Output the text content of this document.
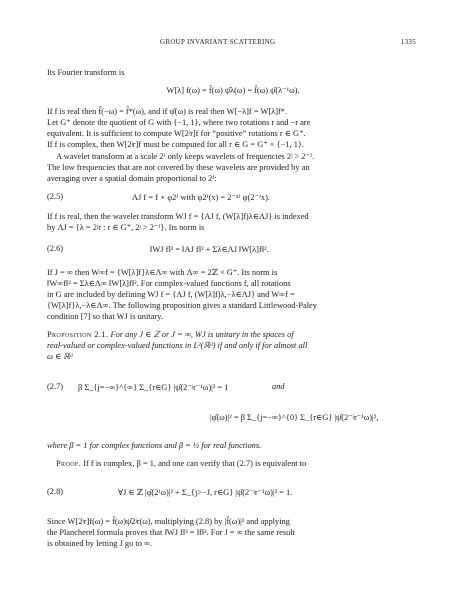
GROUP INVARIANT SCATTERING	1335
Its Fourier transform is
W[λ] f(ω) = f̂(ω) ψ̂λ(ω) = f̂(ω) ψ̂(λ⁻¹ω).
If f is real then f̂(−ω) = f̂*(ω), and if ψ̂(ω) is real then W[−λ]f = W[λ]f*.
Let G⁺ denote the quotient of G with {−1, 1}, where two rotations r and −r are
equivalent. It is sufficient to compute W[2ʲr]f for “positive” rotations r ∈ G⁺.
If f is complex, then W[2ʲr]f must be computed for all r ∈ G = G⁺ × {−1, 1}.
A wavelet transform at a scale 2ᴶ only keeps wavelets of frequencies 2ʲ > 2⁻ᴶ.
The low frequencies that are not covered by these wavelets are provided by an
averaging over a spatial domain proportional to 2ᴶ:
(2.5)	AJ f = f ⋆ φ2ᴶ with φ2ᴶ(x) = 2⁻ᵈᴶ φ(2⁻ᴶx).
If f is real, then the wavelet transform WJ f = {AJ f, (W[λ]f)λ∈ΛJ} is indexed
by ΛJ = {λ = 2ʲr : r ∈ G⁺, 2ʲ > 2⁻ᴶ}. Its norm is
(2.6)	‖WJ f‖² = ‖AJ f‖² + Σλ∈ΛJ ‖W[λ]f‖².
If J = ∞ then W∞f = {W[λ]f}λ∈Λ∞ with Λ∞ = 2ℤ × G⁺. Its norm is
‖W∞f‖² = Σλ∈Λ∞ ‖W[λ]f‖². For complex-valued functions f, all rotations
in G are included by defining WJ f = {AJ f, (W[λ]f)λ,−λ∈ΛJ} and W∞f =
{W[λ]f}λ,−λ∈Λ∞. The following proposition gives a standard Littlewood-Paley
condition [7] so that WJ is unitary.
Proposition 2.1. For any J ∈ ℤ or J = ∞, WJ is unitary in the spaces of
real-valued or complex-valued functions in L²(ℝᵈ) if and only if for almost all
ω ∈ ℝᵈ
(2.7) β Σ_{j=−∞}^{∞} Σ_{r∈G} |ψ̂(2⁻ʲr⁻¹ω)|² = 1	and
|φ̂(ω)|² = β Σ_{j=−∞}^{0} Σ_{r∈G} |ψ̂(2⁻ʲr⁻¹ω)|²,
where β = 1 for complex functions and β = ½ for real functions.
Proof. If f is complex, β = 1, and one can verify that (2.7) is equivalent to
(2.8)	∀J ∈ ℤ |φ̂(2ᴶω)|² + Σ_{j>−J, r∈G} |ψ̂(2⁻ʲr⁻¹ω)|² = 1.
Since W[2ʲr]f(ω) = f̂(ω)ψ̂2ʲr(ω), multiplying (2.8) by |f̂(ω)|² and applying
the Plancherel formula proves that ‖WJ f‖² = ‖f‖². For J = ∞ the same result
is obtained by letting J go to ∞.
